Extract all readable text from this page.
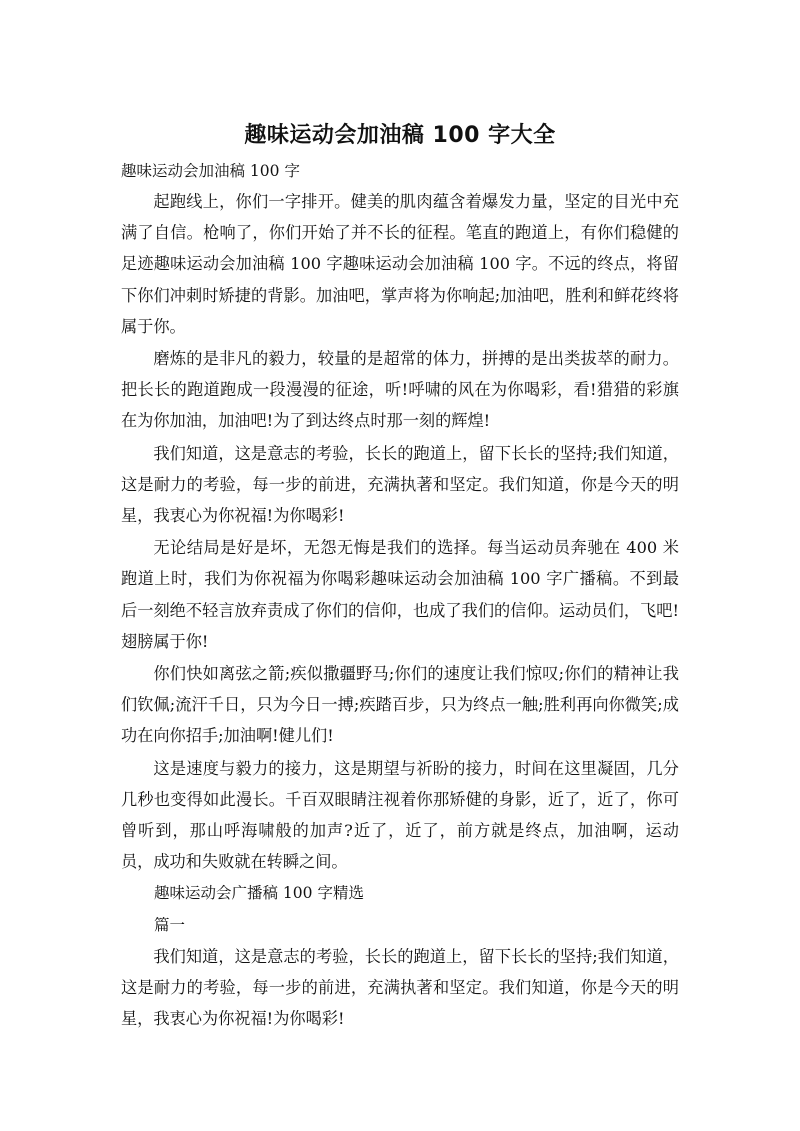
趣味运动会加油稿 100 字大全
趣味运动会加油稿 100 字

起跑线上，你们一字排开。健美的肌肉蕴含着爆发力量，坚定的目光中充满了自信。枪响了，你们开始了并不长的征程。笔直的跑道上，有你们稳健的足迹趣味运动会加油稿 100 字趣味运动会加油稿 100 字。不远的终点，将留下你们冲刺时矫捷的背影。加油吧，掌声将为你响起;加油吧，胜利和鲜花终将属于你。

磨炼的是非凡的毅力，较量的是超常的体力，拼搏的是出类拔萃的耐力。把长长的跑道跑成一段漫漫的征途，听!呼啸的风在为你喝彩，看!猎猎的彩旗在为你加油，加油吧!为了到达终点时那一刻的辉煌!

我们知道，这是意志的考验，长长的跑道上，留下长长的坚持;我们知道，这是耐力的考验，每一步的前进，充满执著和坚定。我们知道，你是今天的明星，我衷心为你祝福!为你喝彩!

无论结局是好是坏，无怨无悔是我们的选择。每当运动员奔驰在 400 米跑道上时，我们为你祝福为你喝彩趣味运动会加油稿 100 字广播稿。不到最后一刻绝不轻言放弃责成了你们的信仰，也成了我们的信仰。运动员们，飞吧!翅膀属于你!

你们快如离弦之箭;疾似撒疆野马;你们的速度让我们惊叹;你们的精神让我们钦佩;流汗千日，只为今日一搏;疾踏百步，只为终点一触;胜利再向你微笑;成功在向你招手;加油啊!健儿们!

这是速度与毅力的接力，这是期望与祈盼的接力，时间在这里凝固，几分几秒也变得如此漫长。千百双眼睛注视着你那矫健的身影，近了，近了，你可曾听到，那山呼海啸般的加声?近了，近了，前方就是终点，加油啊，运动员，成功和失败就在转瞬之间。

趣味运动会广播稿 100 字精选
篇一

我们知道，这是意志的考验，长长的跑道上，留下长长的坚持;我们知道，这是耐力的考验，每一步的前进，充满执著和坚定。我们知道，你是今天的明星，我衷心为你祝福!为你喝彩!
